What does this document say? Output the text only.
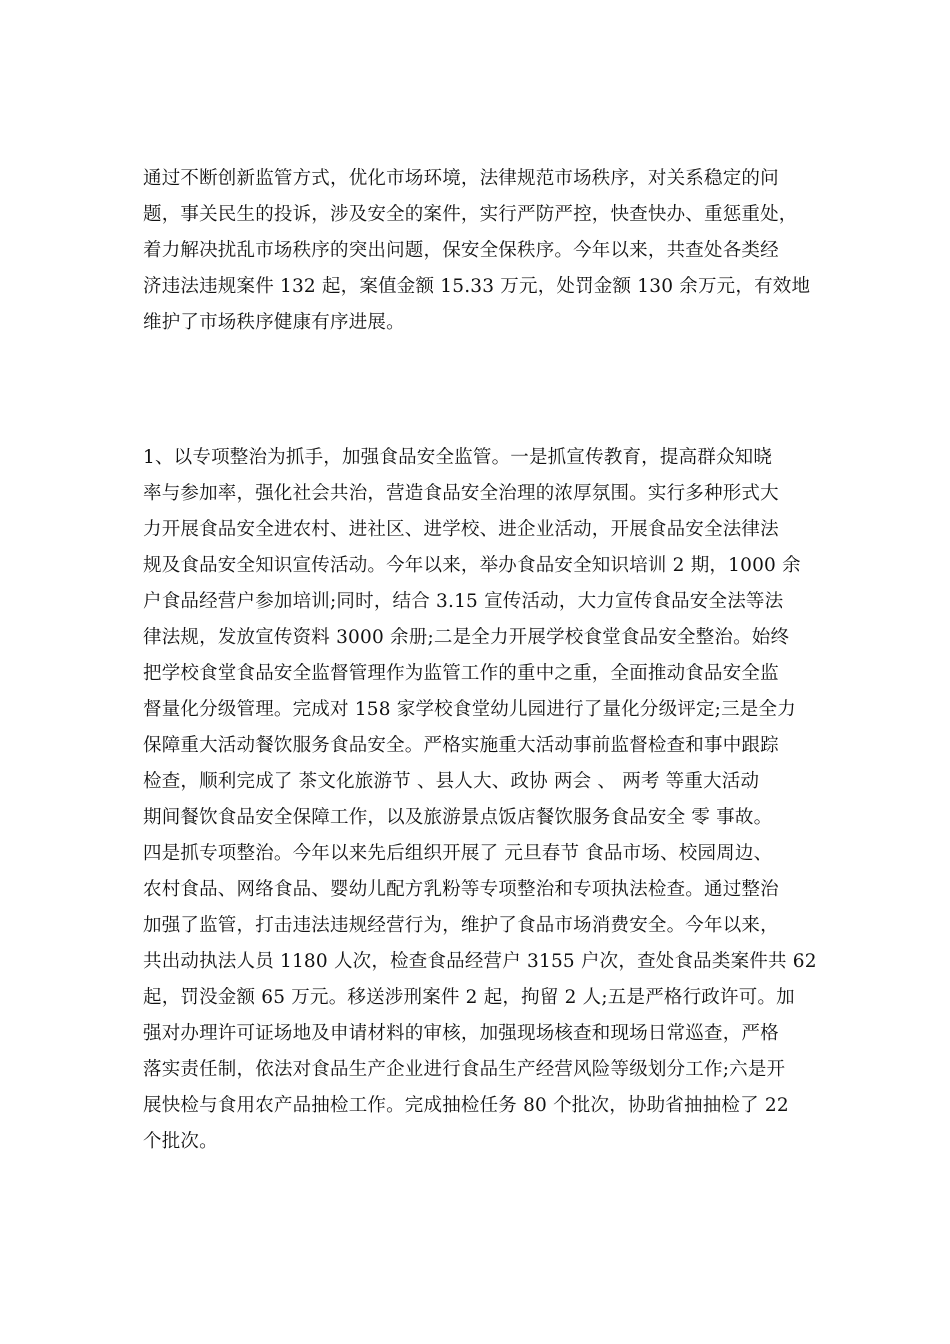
通过不断创新监管方式，优化市场环境，法律规范市场秩序，对关系稳定的问
题，事关民生的投诉，涉及安全的案件，实行严防严控，快查快办、重惩重处，
着力解决扰乱市场秩序的突出问题，保安全保秩序。今年以来，共查处各类经
济违法违规案件 132 起，案值金额 15.33 万元，处罚金额 130 余万元，有效地
维护了市场秩序健康有序进展。
1、以专项整治为抓手，加强食品安全监管。一是抓宣传教育，提高群众知晓
率与参加率，强化社会共治，营造食品安全治理的浓厚氛围。实行多种形式大
力开展食品安全进农村、进社区、进学校、进企业活动，开展食品安全法律法
规及食品安全知识宣传活动。今年以来，举办食品安全知识培训 2 期，1000 余
户食品经营户参加培训;同时，结合 3.15 宣传活动，大力宣传食品安全法等法
律法规，发放宣传资料 3000 余册;二是全力开展学校食堂食品安全整治。始终
把学校食堂食品安全监督管理作为监管工作的重中之重，全面推动食品安全监
督量化分级管理。完成对 158 家学校食堂幼儿园进行了量化分级评定;三是全力
保障重大活动餐饮服务食品安全。严格实施重大活动事前监督检查和事中跟踪
检查，顺利完成了 茶文化旅游节 、县人大、政协 两会 、 两考 等重大活动
期间餐饮食品安全保障工作，以及旅游景点饭店餐饮服务食品安全 零 事故。
四是抓专项整治。今年以来先后组织开展了 元旦春节 食品市场、校园周边、
农村食品、网络食品、婴幼儿配方乳粉等专项整治和专项执法检查。通过整治
加强了监管，打击违法违规经营行为，维护了食品市场消费安全。今年以来，
共出动执法人员 1180 人次，检查食品经营户 3155 户次，查处食品类案件共 62
起，罚没金额 65 万元。移送涉刑案件 2 起，拘留 2 人;五是严格行政许可。加
强对办理许可证场地及申请材料的审核，加强现场核查和现场日常巡查，严格
落实责任制，依法对食品生产企业进行食品生产经营风险等级划分工作;六是开
展快检与食用农产品抽检工作。完成抽检任务 80 个批次，协助省抽抽检了 22
个批次。
